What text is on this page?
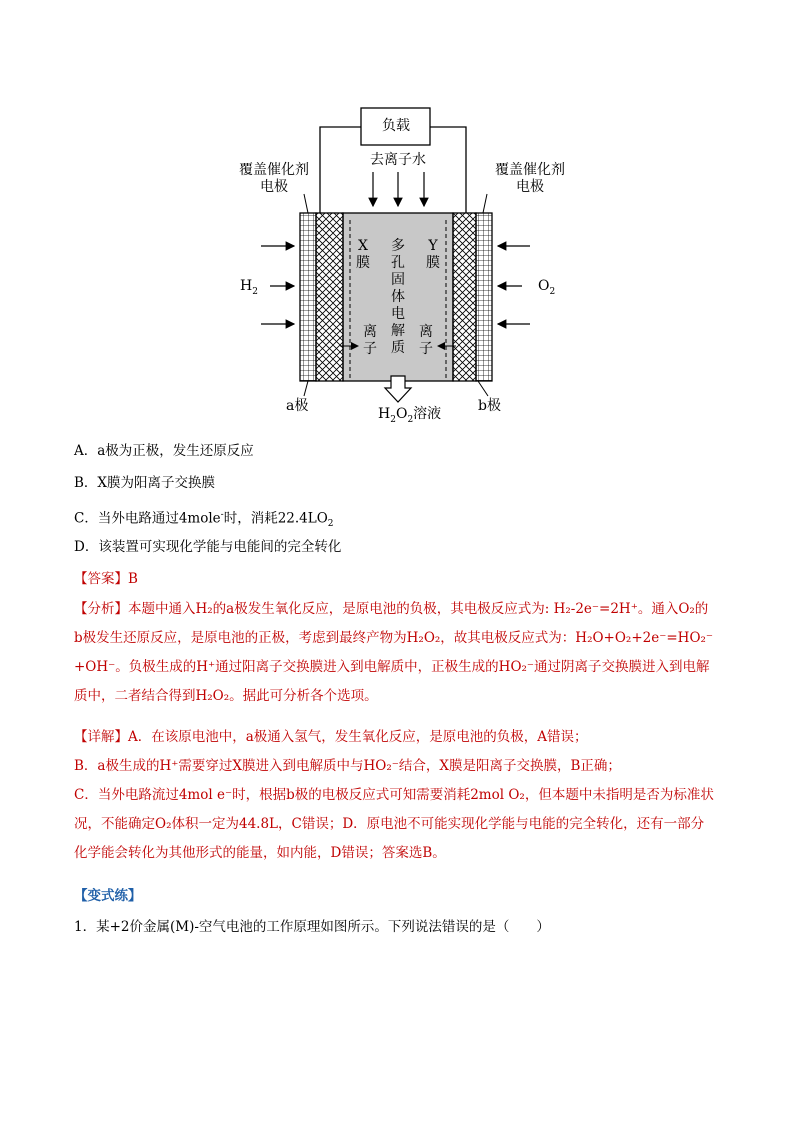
负载
去离子水
覆盖催化剂
电极
覆盖催化剂
电极
$H_2$	$O_2$
X膜
Y膜
多孔固体电解质
离子
离子
a极	b极
$H_2O_2$溶液
A．a极为正极，发生还原反应
B．X膜为阳离子交换膜
C．当外电路通过4mole-时，消耗$22.4LO_2$
D．该装置可实现化学能与电能间的完全转化
【答案】B
【分析】本题中通入H₂的a极发生氧化反应，是原电池的负极，其电极反应式为: H₂-2e⁻=2H⁺。通入O₂的
b极发生还原反应，是原电池的正极，考虑到最终产物为H₂O₂，故其电极反应式为：H₂O+O₂+2e⁻=HO₂⁻
+OH⁻。负极生成的H⁺通过阳离子交换膜进入到电解质中，正极生成的HO₂⁻通过阴离子交换膜进入到电解
质中，二者结合得到H₂O₂。据此可分析各个选项。
【详解】A．在该原电池中，a极通入氢气，发生氧化反应，是原电池的负极，A错误；
B．a极生成的H⁺需要穿过X膜进入到电解质中与HO₂⁻结合，X膜是阳离子交换膜，B正确；
C．当外电路流过4mol e⁻时，根据b极的电极反应式可知需要消耗2mol O₂，但本题中未指明是否为标准状
况，不能确定O₂体积一定为44.8L，C错误；D．原电池不可能实现化学能与电能的完全转化，还有一部分
化学能会转化为其他形式的能量，如内能，D错误；答案选B。
【变式练】
1．某+2价金属(M)-空气电池的工作原理如图所示。下列说法错误的是（　　）
